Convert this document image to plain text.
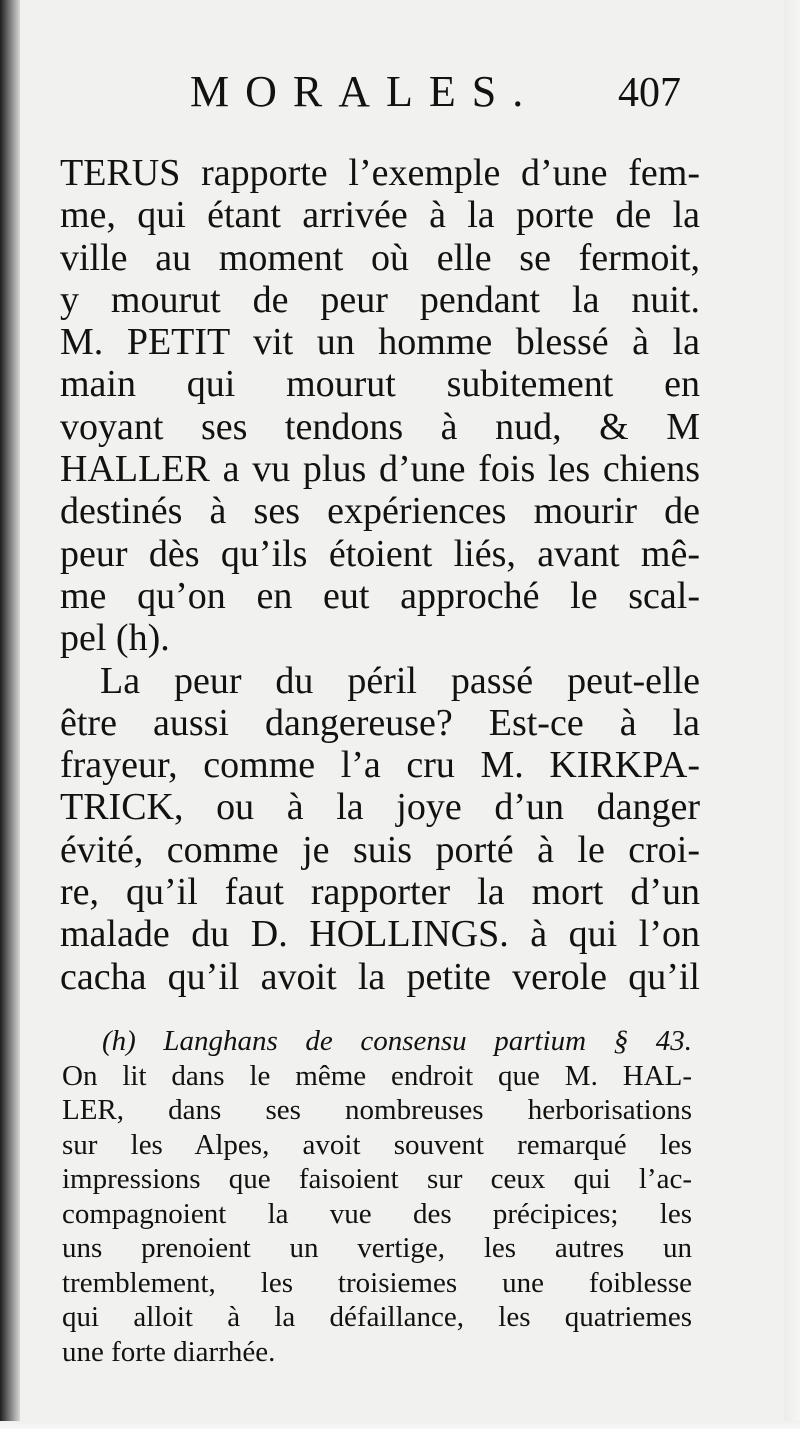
MORALES. 407
TERUS rapporte l’exemple d’une fem-
me, qui étant arrivée à la porte de la
ville au moment où elle se fermoit,
y mourut de peur pendant la nuit.
M. PETIT vit un homme blessé à la
main qui mourut subitement en
voyant ses tendons à nud, & M
HALLER a vu plus d’une fois les chiens
destinés à ses expériences mourir de
peur dès qu’ils étoient liés, avant mê-
me qu’on en eut approché le scal-
pel (h).
La peur du péril passé peut-elle
être aussi dangereuse? Est-ce à la
frayeur, comme l’a cru M. KIRKPA-
TRICK, ou à la joye d’un danger
évité, comme je suis porté à le croi-
re, qu’il faut rapporter la mort d’un
malade du D. HOLLINGS. à qui l’on
cacha qu’il avoit la petite verole qu’il
(h) Langhans de consensu partium § 43.
On lit dans le même endroit que M. HAL-
LER, dans ses nombreuses herborisations
sur les Alpes, avoit souvent remarqué les
impressions que faisoient sur ceux qui l’ac-
compagnoient la vue des précipices; les
uns prenoient un vertige, les autres un
tremblement, les troisiemes une foiblesse
qui alloit à la défaillance, les quatriemes
une forte diarrhée.
